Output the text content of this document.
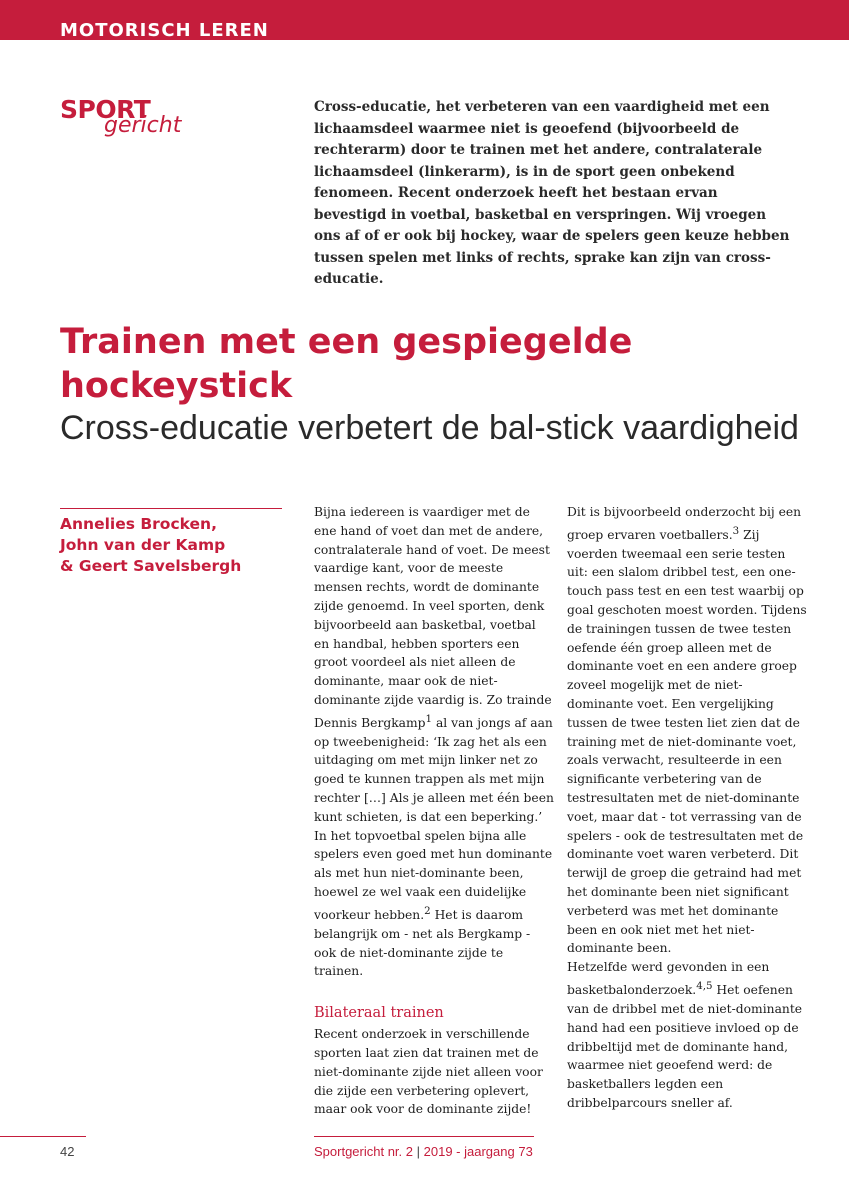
MOTORISCH LEREN
SPORT
gericht
Cross-educatie, het verbeteren van een vaardigheid met een lichaamsdeel waarmee niet is geoefend (bijvoorbeeld de rechterarm) door te trainen met het andere, contralaterale lichaamsdeel (linkerarm), is in de sport geen onbekend fenomeen. Recent onderzoek heeft het bestaan ervan bevestigd in voetbal, basketbal en verspringen. Wij vroegen ons af of er ook bij hockey, waar de spelers geen keuze hebben tussen spelen met links of rechts, sprake kan zijn van cross-educatie.
Trainen met een gespiegelde hockeystick
Cross-educatie verbetert de bal-stick vaardigheid
Annelies Brocken,
John van der Kamp
& Geert Savelsbergh

Bijna iedereen is vaardiger met de ene hand of voet dan met de andere, contralaterale hand of voet. De meest vaardige kant, voor de meeste mensen rechts, wordt de dominante zijde genoemd. In veel sporten, denk bijvoorbeeld aan basketbal, voetbal en handbal, hebben sporters een groot voordeel als niet alleen de dominante, maar ook de niet-dominante zijde vaardig is. Zo trainde Dennis Bergkamp$^1$ al van jongs af aan op tweebenigheid: ‘Ik zag het als een uitdaging om met mijn linker net zo goed te kunnen trappen als met mijn rechter […] Als je alleen met één been kunt schieten, is dat een beperking.’ In het topvoetbal spelen bijna alle spelers even goed met hun dominante als met hun niet-dominante been, hoewel ze wel vaak een duidelijke voorkeur hebben.$^2$ Het is daarom belangrijk om - net als Bergkamp - ook de niet-dominante zijde te trainen.

Bilateraal trainen

Recent onderzoek in verschillende sporten laat zien dat trainen met de niet-dominante zijde niet alleen voor die zijde een verbetering oplevert, maar ook voor de dominante zijde!

Dit is bijvoorbeeld onderzocht bij een groep ervaren voetballers.$^3$ Zij voerden tweemaal een serie testen uit: een slalom dribbel test, een one-touch pass test en een test waarbij op goal geschoten moest worden. Tijdens de trainingen tussen de twee testen oefende één groep alleen met de dominante voet en een andere groep zoveel mogelijk met de niet-dominante voet. Een vergelijking tussen de twee testen liet zien dat de training met de niet-dominante voet, zoals verwacht, resulteerde in een significante verbetering van de testresultaten met de niet-dominante voet, maar dat - tot verrassing van de spelers - ook de testresultaten met de dominante voet waren verbeterd. Dit terwijl de groep die getraind had met het dominante been niet significant verbeterd was met het dominante been en ook niet met het niet-dominante been.

Hetzelfde werd gevonden in een basketbalonderzoek.$^{4,5}$ Het oefenen van de dribbel met de niet-dominante hand had een positieve invloed op de dribbeltijd met de dominante hand, waarmee niet geoefend werd: de basketballers legden een dribbelparcours sneller af.

42	Sportgericht nr. 2 | 2019 - jaargang 73
